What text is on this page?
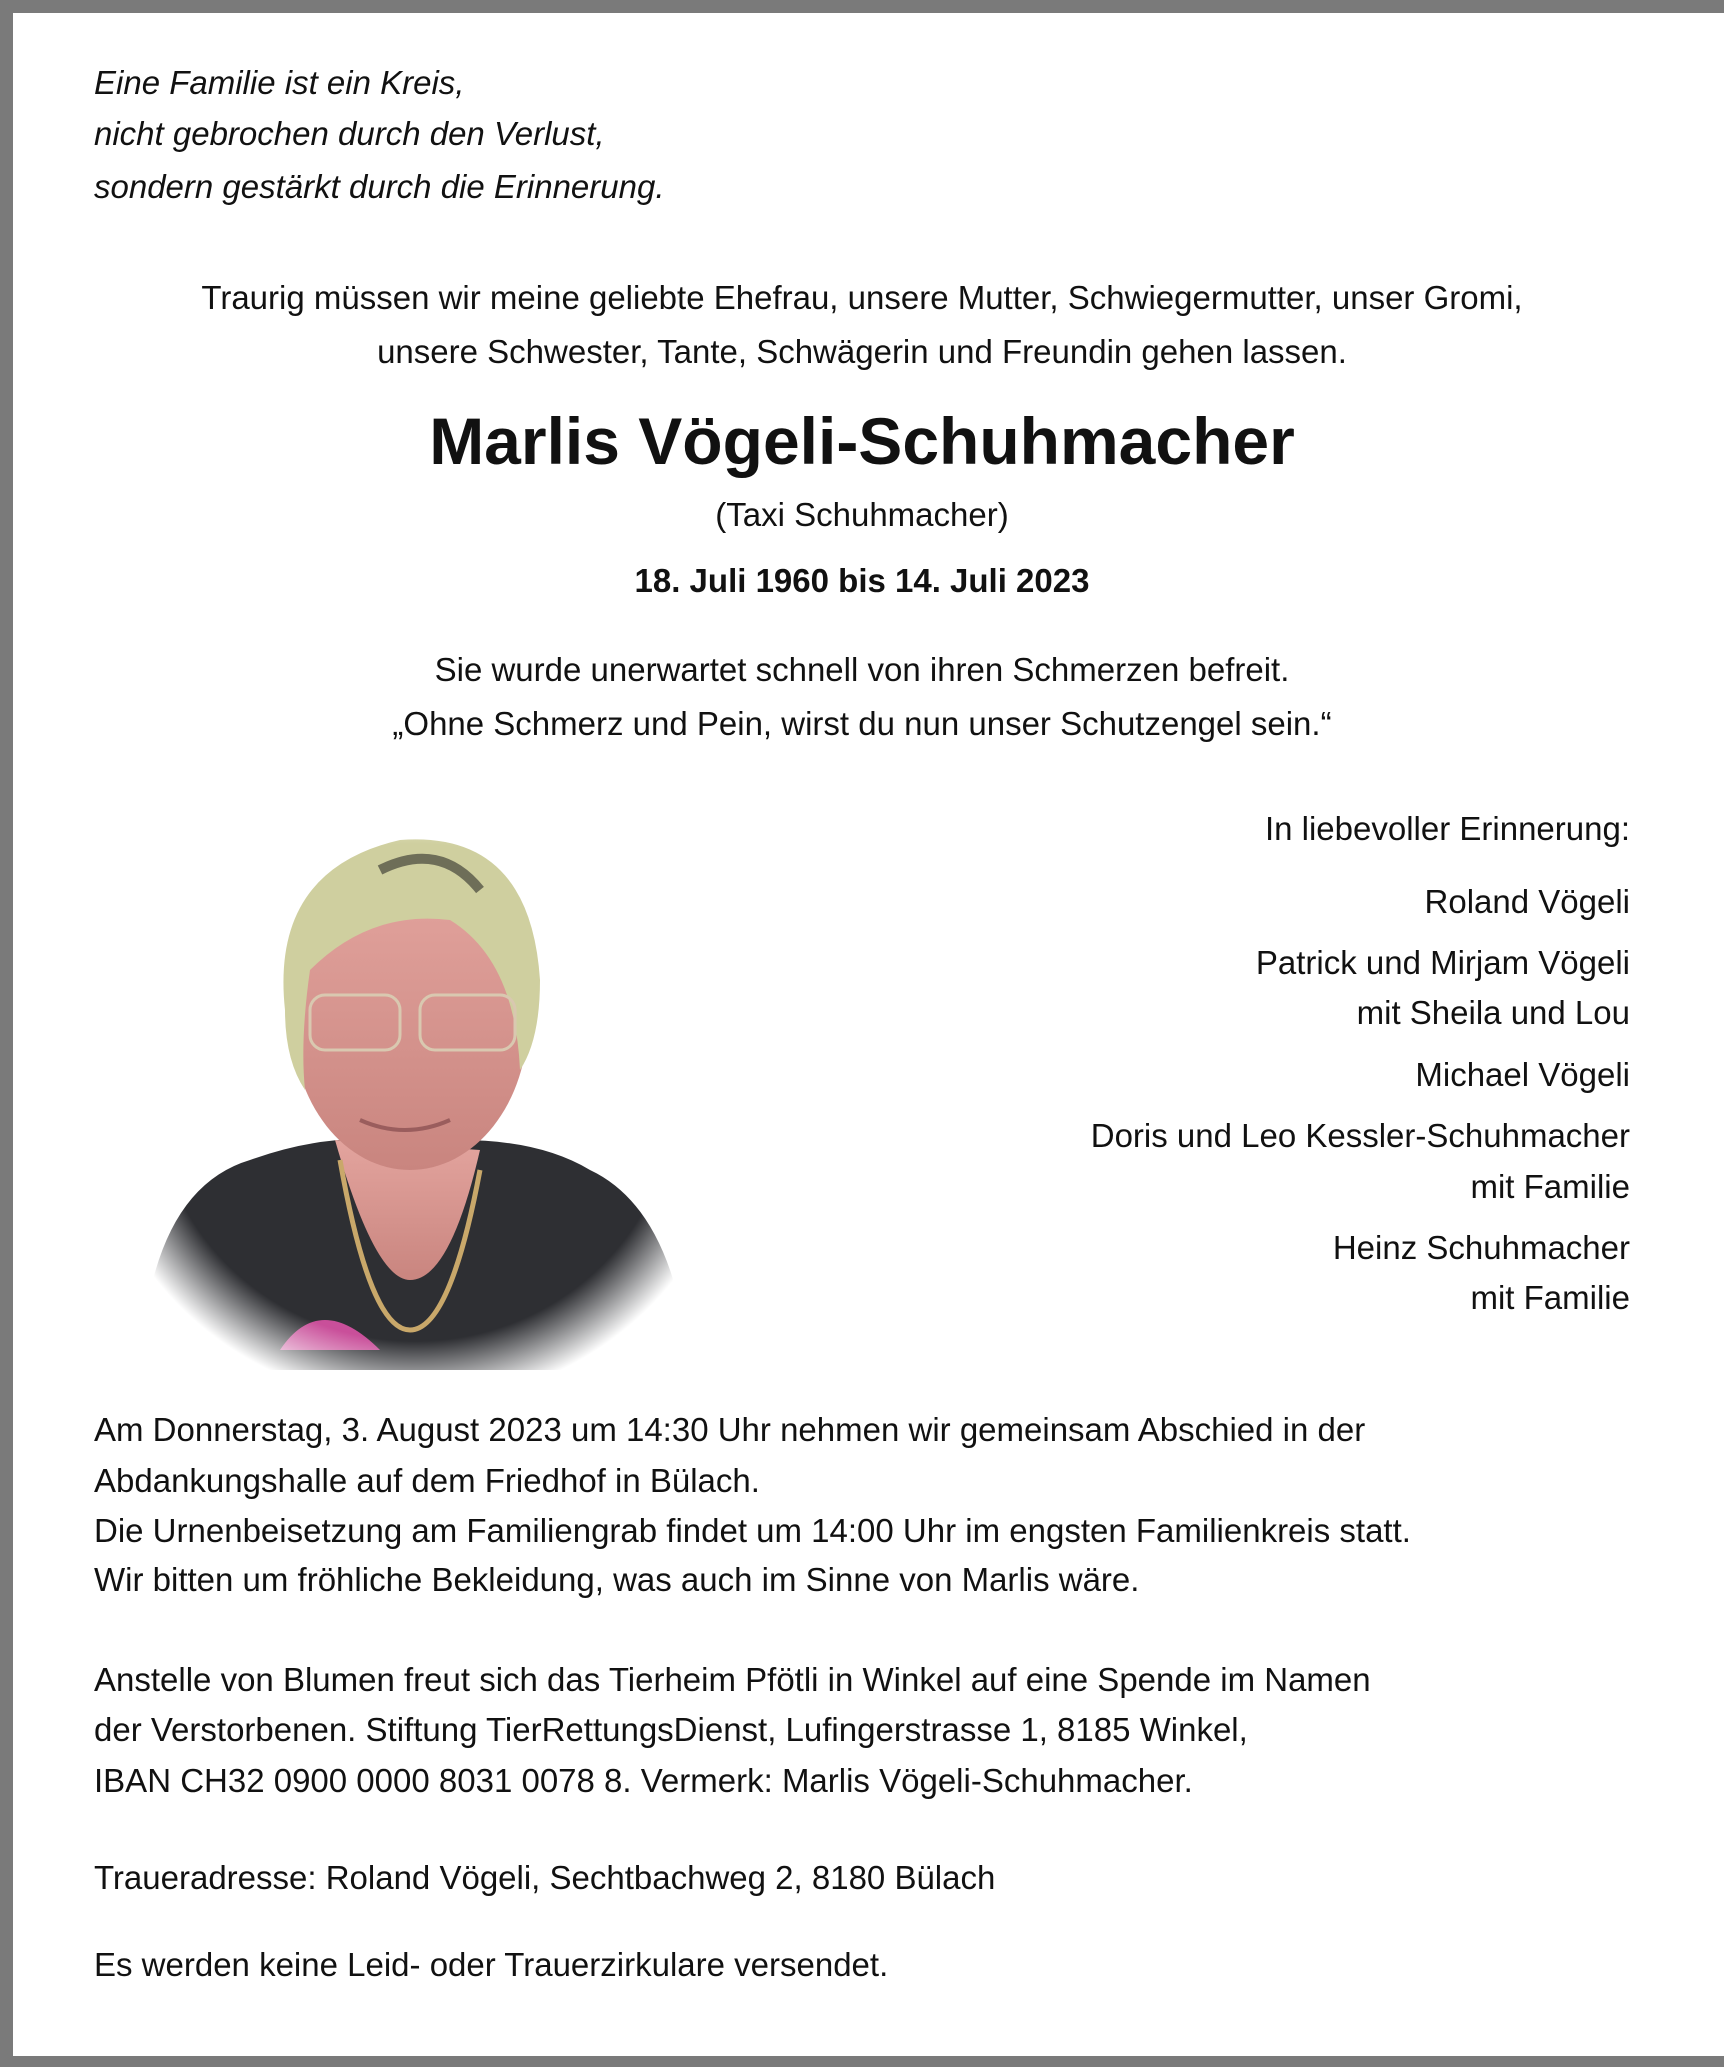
Eine Familie ist ein Kreis,
nicht gebrochen durch den Verlust,
sondern gestärkt durch die Erinnerung.
Traurig müssen wir meine geliebte Ehefrau, unsere Mutter, Schwiegermutter, unser Gromi,
unsere Schwester, Tante, Schwägerin und Freundin gehen lassen.
Marlis Vögeli-Schuhmacher
(Taxi Schuhmacher)
18. Juli 1960 bis 14. Juli 2023
Sie wurde unerwartet schnell von ihren Schmerzen befreit.
„Ohne Schmerz und Pein, wirst du nun unser Schutzengel sein.“
In liebevoller Erinnerung:
Roland Vögeli
Patrick und Mirjam Vögeli
mit Sheila und Lou
Michael Vögeli
Doris und Leo Kessler-Schuhmacher
mit Familie
Heinz Schuhmacher
mit Familie
Am Donnerstag, 3. August 2023 um 14:30 Uhr nehmen wir gemeinsam Abschied in der
Abdankungshalle auf dem Friedhof in Bülach.
Die Urnenbeisetzung am Familiengrab findet um 14:00 Uhr im engsten Familienkreis statt.
Wir bitten um fröhliche Bekleidung, was auch im Sinne von Marlis wäre.
Anstelle von Blumen freut sich das Tierheim Pfötli in Winkel auf eine Spende im Namen
der Verstorbenen. Stiftung TierRettungsDienst, Lufingerstrasse 1, 8185 Winkel,
IBAN CH32 0900 0000 8031 0078 8. Vermerk: Marlis Vögeli-Schuhmacher.
Traueradresse: Roland Vögeli, Sechtbachweg 2, 8180 Bülach
Es werden keine Leid- oder Trauerzirkulare versendet.
